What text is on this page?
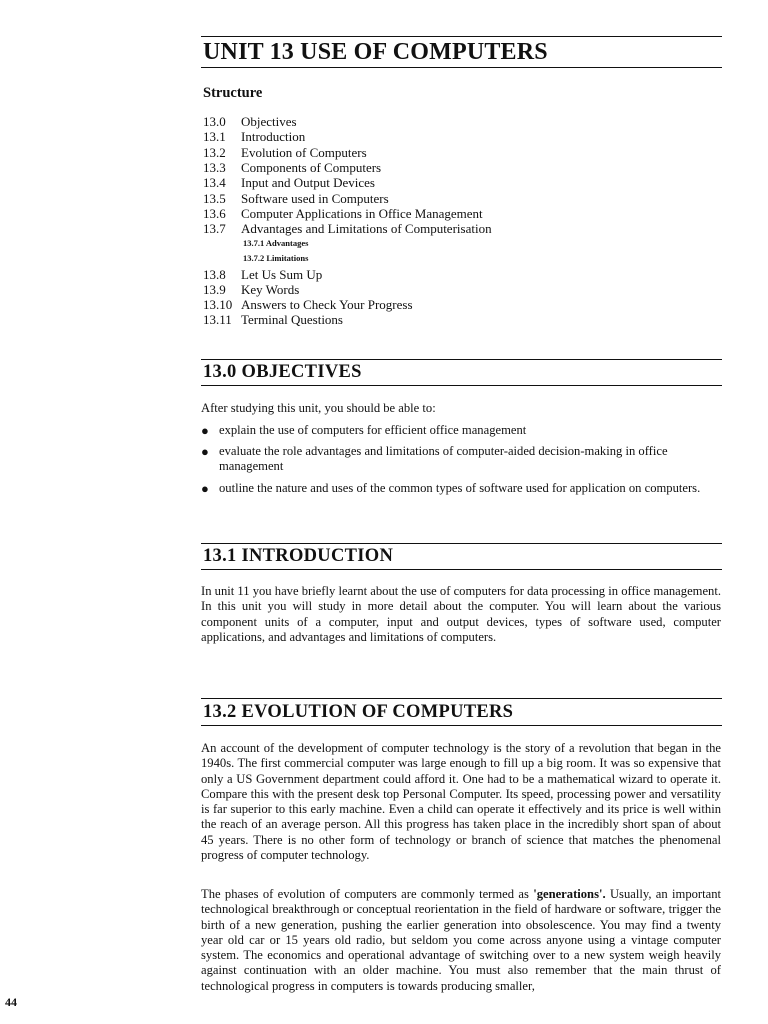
UNIT 13 USE OF COMPUTERS
Structure
13.0 Objectives
13.1 Introduction
13.2 Evolution of Computers
13.3 Components of Computers
13.4 Input and Output Devices
13.5 Software used in Computers
13.6 Computer Applications in Office Management
13.7 Advantages and Limitations of Computerisation
13.7.1 Advantages
13.7.2 Limitations
13.8 Let Us Sum Up
13.9 Key Words
13.10 Answers to Check Your Progress
13.11 Terminal Questions
13.0 OBJECTIVES

After studying this unit, you should be able to:

● explain the use of computers for efficient office management
● evaluate the role advantages and limitations of computer-aided decision-making in office management
● outline the nature and uses of the common types of software used for application on computers.
13.1 INTRODUCTION

In unit 11 you have briefly learnt about the use of computers for data processing in office management. In this unit you will study in more detail about the computer. You will learn about the various component units of a computer, input and output devices, types of software used, computer applications, and advantages and limitations of computers.

13.2 EVOLUTION OF COMPUTERS

An account of the development of computer technology is the story of a revolution that began in the 1940s. The first commercial computer was large enough to fill up a big room. It was so expensive that only a US Government department could afford it. One had to be a mathematical wizard to operate it. Compare this with the present desk top Personal Computer. Its speed, processing power and versatility is far superior to this early machine. Even a child can operate it effectively and its price is well within the reach of an average person. All this progress has taken place in the incredibly short span of about 45 years. There is no other form of technology or branch of science that matches the phenomenal progress of computer technology.

The phases of evolution of computers are commonly termed as 'generations'. Usually, an important technological breakthrough or conceptual reorientation in the field of hardware or software, trigger the birth of a new generation, pushing the earlier generation into obsolescence. You may find a twenty year old car or 15 years old radio, but seldom you come across anyone using a vintage computer system. The economics and operational advantage of switching over to a new system weigh heavily against continuation with an older machine. You must also remember that the main thrust of technological progress in computers is towards producing smaller,

44
